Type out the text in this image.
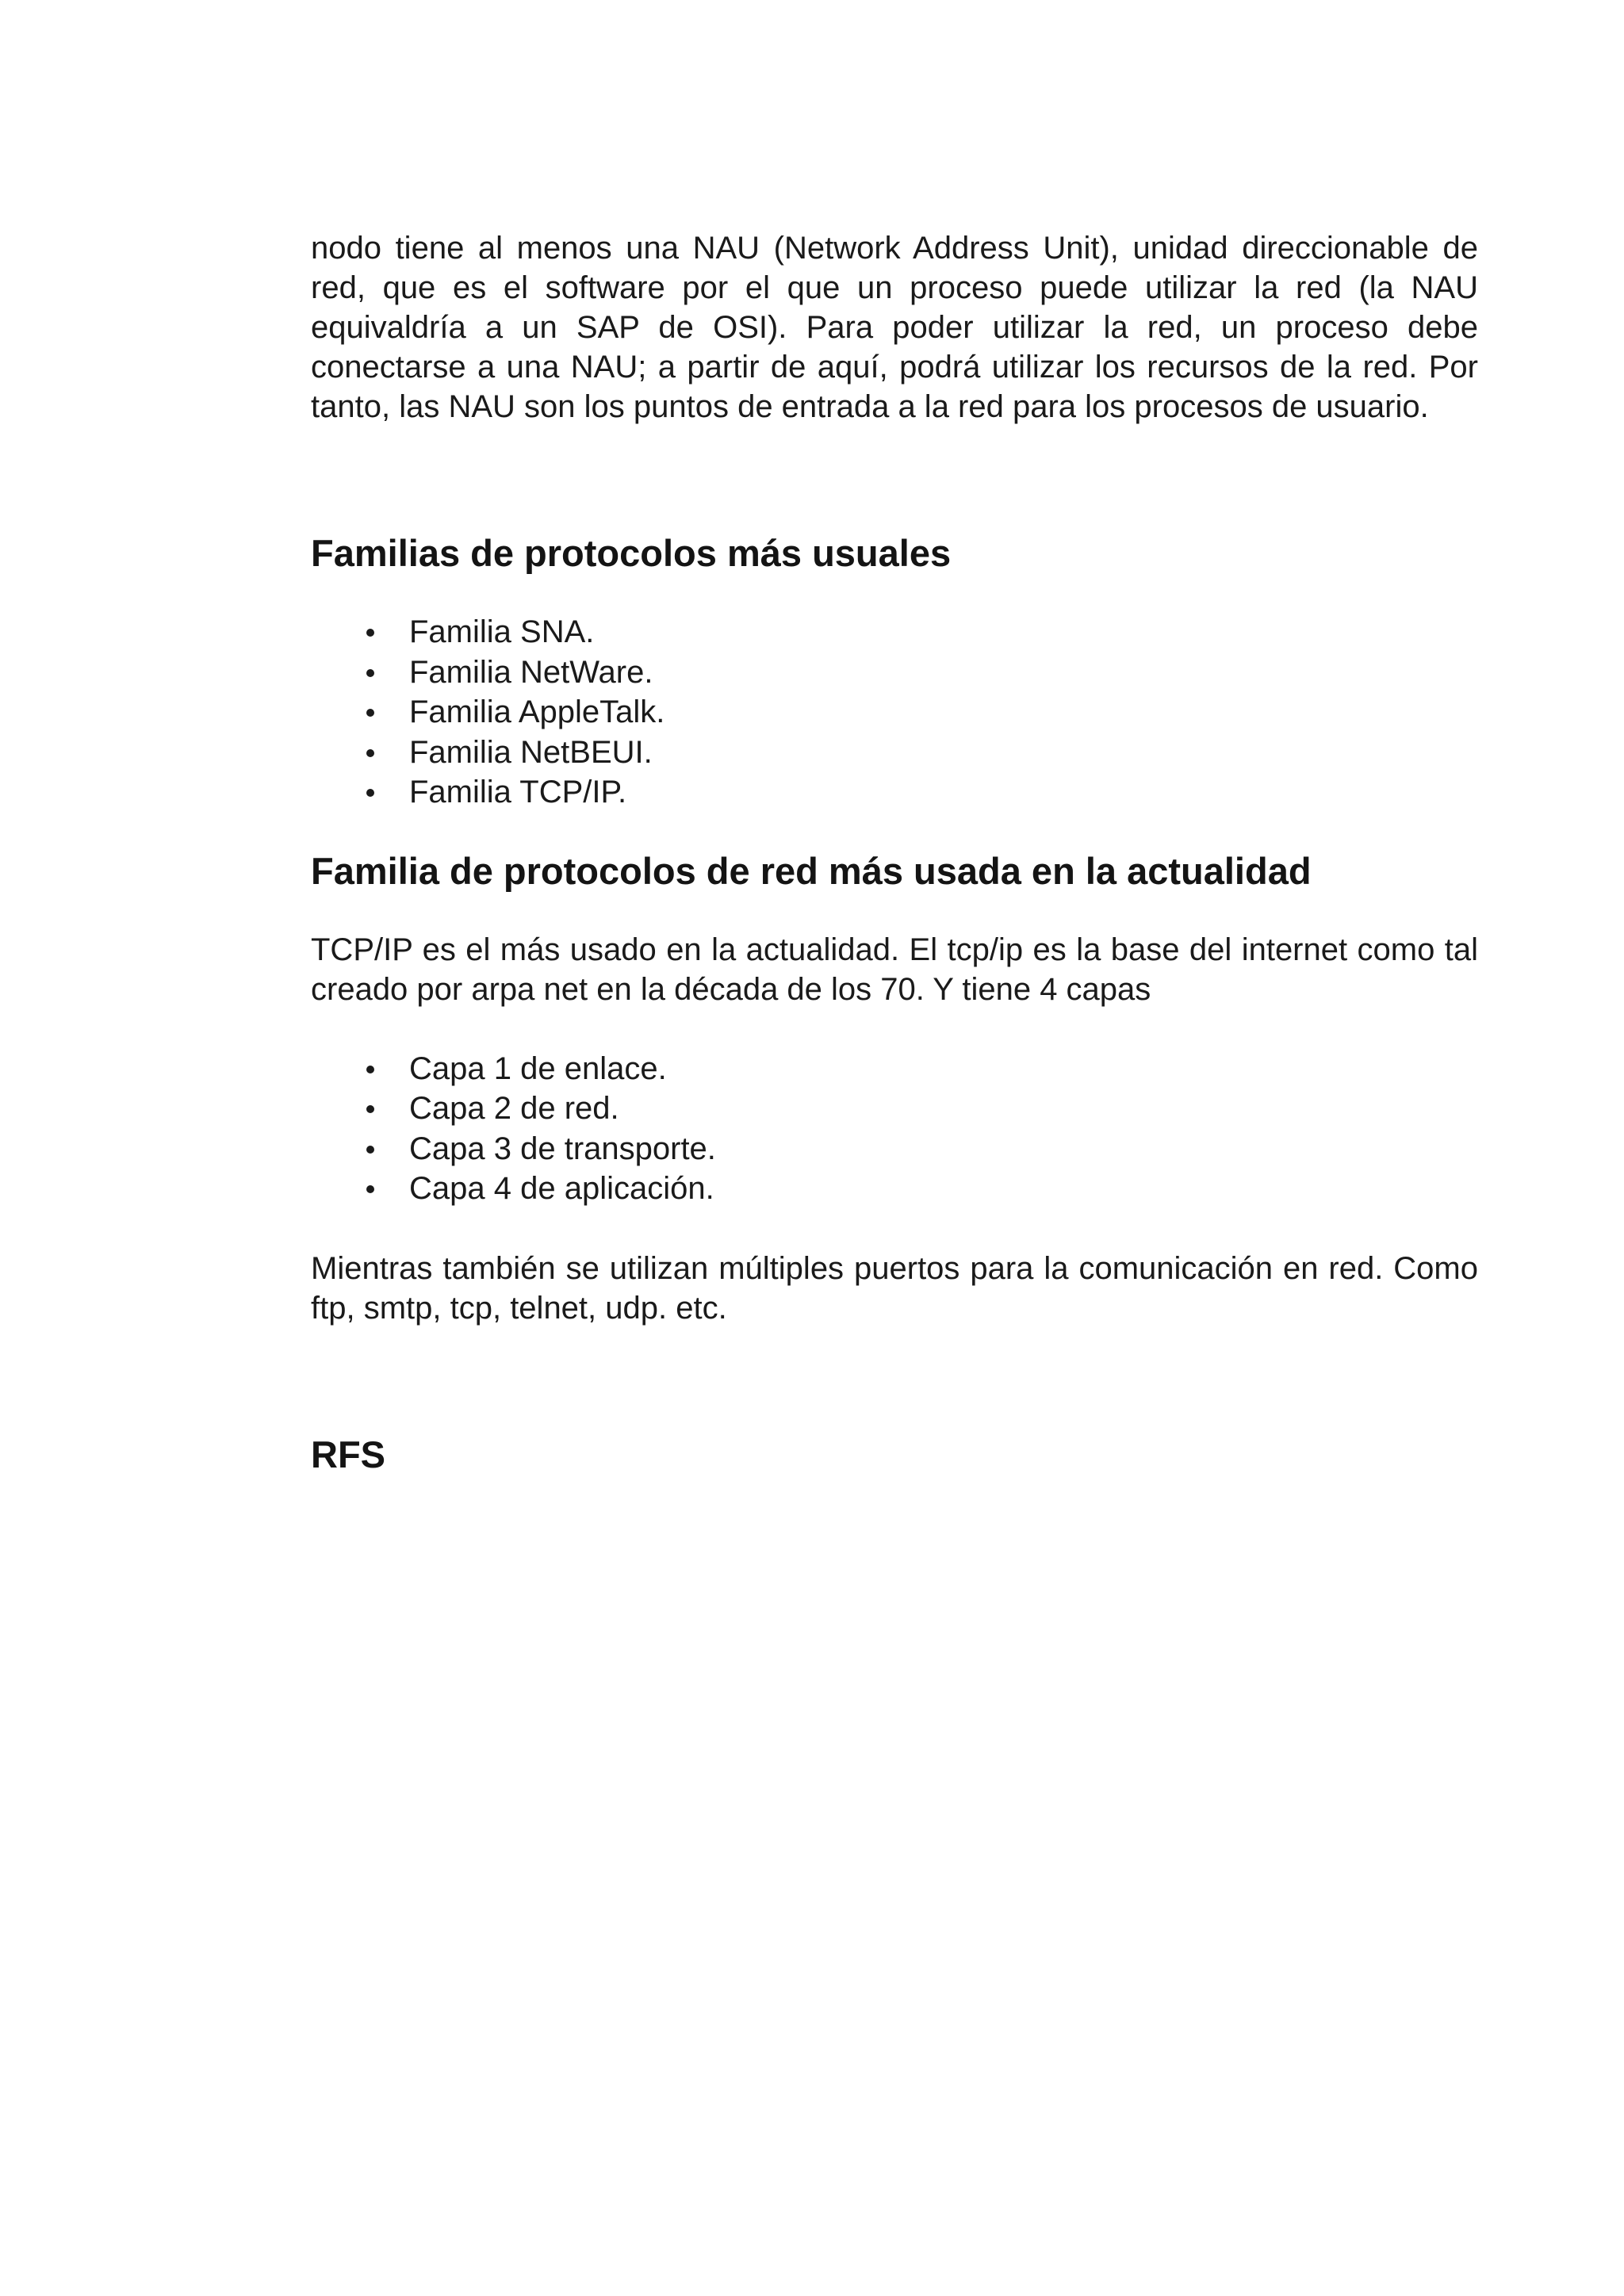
nodo tiene al menos una NAU (Network Address Unit), unidad direccionable de red, que es el software por el que un proceso puede utilizar la red (la NAU equivaldría a un SAP de OSI). Para poder utilizar la red, un proceso debe conectarse a una NAU; a partir de aquí, podrá utilizar los recursos de la red. Por tanto, las NAU son los puntos de entrada a la red para los procesos de usuario.

Familias de protocolos más usuales
Familia SNA.
Familia NetWare.
Familia AppleTalk.
Familia NetBEUI.
Familia TCP/IP.
Familia de protocolos de red más usada en la actualidad

TCP/IP es el más usado en la actualidad. El tcp/ip es la base del internet como tal creado por arpa net en la década de los 70. Y tiene 4 capas

Capa 1 de enlace.
Capa 2 de red.
Capa 3 de transporte.
Capa 4 de aplicación.

Mientras también se utilizan múltiples puertos para la comunicación en red. Como ftp, smtp, tcp, telnet, udp. etc.

RFS
